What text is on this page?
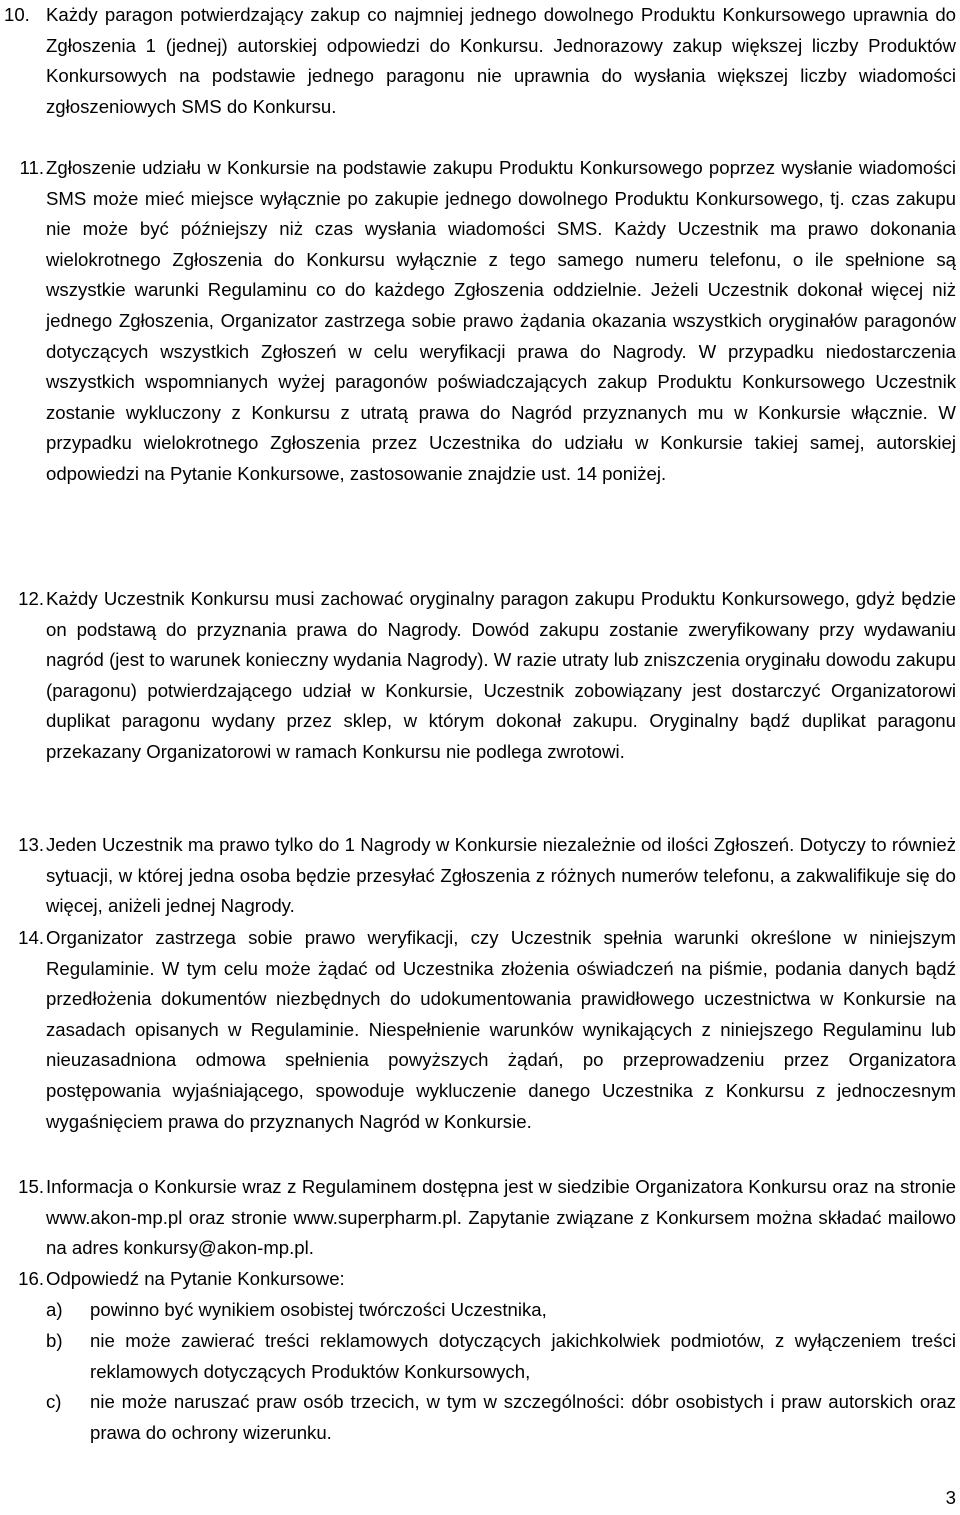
10. Każdy paragon potwierdzający zakup co najmniej jednego dowolnego Produktu Konkursowego uprawnia do Zgłoszenia 1 (jednej) autorskiej odpowiedzi do Konkursu. Jednorazowy zakup większej liczby Produktów Konkursowych na podstawie jednego paragonu nie uprawnia do wysłania większej liczby wiadomości zgłoszeniowych SMS do Konkursu.
11. Zgłoszenie udziału w Konkursie na podstawie zakupu Produktu Konkursowego poprzez wysłanie wiadomości SMS może mieć miejsce wyłącznie po zakupie jednego dowolnego Produktu Konkursowego, tj. czas zakupu nie może być późniejszy niż czas wysłania wiadomości SMS. Każdy Uczestnik ma prawo dokonania wielokrotnego Zgłoszenia do Konkursu wyłącznie z tego samego numeru telefonu, o ile spełnione są wszystkie warunki Regulaminu co do każdego Zgłoszenia oddzielnie. Jeżeli Uczestnik dokonał więcej niż jednego Zgłoszenia, Organizator zastrzega sobie prawo żądania okazania wszystkich oryginałów paragonów dotyczących wszystkich Zgłoszeń w celu weryfikacji prawa do Nagrody. W przypadku niedostarczenia wszystkich wspomnianych wyżej paragonów poświadczających zakup Produktu Konkursowego Uczestnik zostanie wykluczony z Konkursu z utratą prawa do Nagród przyznanych mu w Konkursie włącznie. W przypadku wielokrotnego Zgłoszenia przez Uczestnika do udziału w Konkursie takiej samej, autorskiej odpowiedzi na Pytanie Konkursowe, zastosowanie znajdzie ust. 14 poniżej.
12. Każdy Uczestnik Konkursu musi zachować oryginalny paragon zakupu Produktu Konkursowego, gdyż będzie on podstawą do przyznania prawa do Nagrody. Dowód zakupu zostanie zweryfikowany przy wydawaniu nagród (jest to warunek konieczny wydania Nagrody). W razie utraty lub zniszczenia oryginału dowodu zakupu (paragonu) potwierdzającego udział w Konkursie, Uczestnik zobowiązany jest dostarczyć Organizatorowi duplikat paragonu wydany przez sklep, w którym dokonał zakupu. Oryginalny bądź duplikat paragonu przekazany Organizatorowi w ramach Konkursu nie podlega zwrotowi.
13. Jeden Uczestnik ma prawo tylko do 1 Nagrody w Konkursie niezależnie od ilości Zgłoszeń. Dotyczy to również sytuacji, w której jedna osoba będzie przesyłać Zgłoszenia z różnych numerów telefonu, a zakwalifikuje się do więcej, aniżeli jednej Nagrody.
14. Organizator zastrzega sobie prawo weryfikacji, czy Uczestnik spełnia warunki określone w niniejszym Regulaminie. W tym celu może żądać od Uczestnika złożenia oświadczeń na piśmie, podania danych bądź przedłożenia dokumentów niezbędnych do udokumentowania prawidłowego uczestnictwa w Konkursie na zasadach opisanych w Regulaminie. Niespełnienie warunków wynikających z niniejszego Regulaminu lub nieuzasadniona odmowa spełnienia powyższych żądań, po przeprowadzeniu przez Organizatora postępowania wyjaśniającego, spowoduje wykluczenie danego Uczestnika z Konkursu z jednoczesnym wygaśnięciem prawa do przyznanych Nagród w Konkursie.
15. Informacja o Konkursie wraz z Regulaminem dostępna jest w siedzibie Organizatora Konkursu oraz na stronie www.akon-mp.pl oraz stronie www.superpharm.pl. Zapytanie związane z Konkursem można składać mailowo na adres konkursy@akon-mp.pl.
16. Odpowiedź na Pytanie Konkursowe:
a)	powinno być wynikiem osobistej twórczości Uczestnika,
b)	nie może zawierać treści reklamowych dotyczących jakichkolwiek podmiotów, z wyłączeniem treści reklamowych dotyczących Produktów Konkursowych,
c)	nie może naruszać praw osób trzecich, w tym w szczególności: dóbr osobistych i praw autorskich oraz prawa do ochrony wizerunku.
3
